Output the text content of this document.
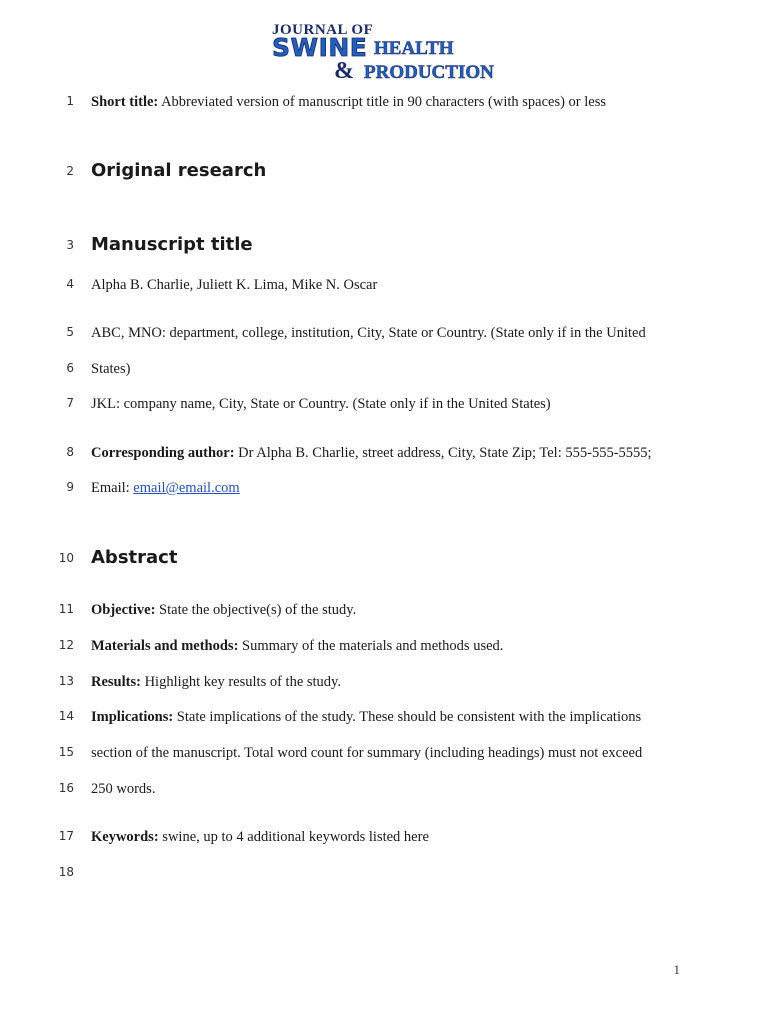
JOURNAL OF
SWINE HEALTH
& PRODUCTION
1 Short title: Abbreviated version of manuscript title in 90 characters (with spaces) or less
2 Original research
3 Manuscript title
4 Alpha B. Charlie, Juliett K. Lima, Mike N. Oscar
5 ABC, MNO: department, college, institution, City, State or Country. (State only if in the United
6 States)
7 JKL: company name, City, State or Country. (State only if in the United States)
8 Corresponding author: Dr Alpha B. Charlie, street address, City, State Zip; Tel: 555-555-5555;
9 Email: email@email.com
10 Abstract
11 Objective: State the objective(s) of the study.
12 Materials and methods: Summary of the materials and methods used.
13 Results: Highlight key results of the study.
14 Implications: State implications of the study. These should be consistent with the implications
15 section of the manuscript. Total word count for summary (including headings) must not exceed
16 250 words.
17 Keywords: swine, up to 4 additional keywords listed here
18
1
